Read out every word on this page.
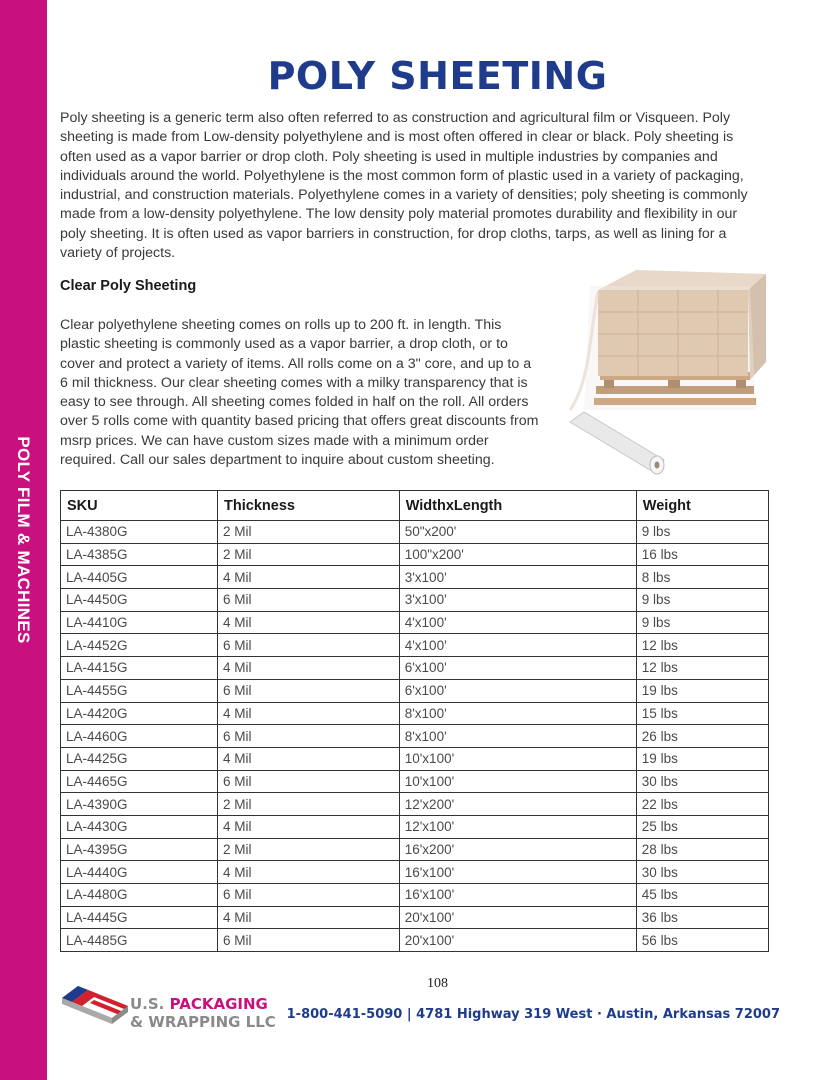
POLY FILM & MACHINES
POLY SHEETING

Poly sheeting is a generic term also often referred to as construction and agricultural film or Visqueen. Poly sheeting is made from Low-density polyethylene and is most often offered in clear or black. Poly sheeting is often used as a vapor barrier or drop cloth. Poly sheeting is used in multiple industries by companies and individuals around the world. Polyethylene is the most common form of plastic used in a variety of packaging, industrial, and construction materials. Polyethylene comes in a variety of densities; poly sheeting is commonly made from a low-density polyethylene. The low density poly material promotes durability and flexibility in our poly sheeting. It is often used as vapor barriers in construction, for drop cloths, tarps, as well as lining for a variety of projects.

Clear Poly Sheeting

Clear polyethylene sheeting comes on rolls up to 200 ft. in length. This plastic sheeting is commonly used as a vapor barrier, a drop cloth, or to cover and protect a variety of items. All rolls come on a 3" core, and up to a 6 mil thickness. Our clear sheeting comes with a milky transparency that is easy to see through. All sheeting comes folded in half on the roll. All orders over 5 rolls come with quantity based pricing that offers great discounts from msrp prices. We can have custom sizes made with a minimum order required. Call our sales department to inquire about custom sheeting.

SKU	Thickness	WidthxLength	Weight
LA-4380G	2 Mil	50"x200'	9 lbs
LA-4385G	2 Mil	100"x200'	16 lbs
LA-4405G	4 Mil	3'x100'	8 lbs
LA-4450G	6 Mil	3'x100'	9 lbs
LA-4410G	4 Mil	4'x100'	9 lbs
LA-4452G	6 Mil	4'x100'	12 lbs
LA-4415G	4 Mil	6'x100'	12 lbs
LA-4455G	6 Mil	6'x100'	19 lbs
LA-4420G	4 Mil	8'x100'	15 lbs
LA-4460G	6 Mil	8'x100'	26 lbs
LA-4425G	4 Mil	10'x100'	19 lbs
LA-4465G	6 Mil	10'x100'	30 lbs
LA-4390G	2 Mil	12'x200'	22 lbs
LA-4430G	4 Mil	12'x100'	25 lbs
LA-4395G	2 Mil	16'x200'	28 lbs
LA-4440G	4 Mil	16'x100'	30 lbs
LA-4480G	6 Mil	16'x100'	45 lbs
LA-4445G	4 Mil	20'x100'	36 lbs
LA-4485G	6 Mil	20'x100'	56 lbs
108
U.S. PACKAGING
& WRAPPING LLC 1-800-441-5090 | 4781 Highway 319 West · Austin, Arkansas 72007
